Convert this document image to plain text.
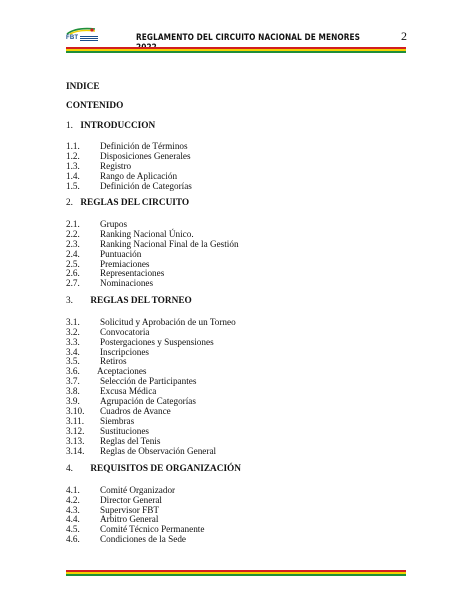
2
FBT	REGLAMENTO DEL CIRCUITO NACIONAL DE MENORES
INDICE
CONTENIDO
1. INTRODUCCION
1.1. Definición de Términos
1.2. Disposiciones Generales
1.3. Registro
1.4. Rango de Aplicación
1.5. Definición de Categorías
2. REGLAS DEL CIRCUITO
2.1. Grupos
2.2. Ranking Nacional Único.
2.3. Ranking Nacional Final de la Gestión
2.4. Puntuación
2.5. Premiaciones
2.6. Representaciones
2.7. Nominaciones
3. REGLAS DEL TORNEO
3.1. Solicitud y Aprobación de un Torneo
3.2. Convocatoria
3.3. Postergaciones y Suspensiones
3.4. Inscripciones
3.5. Retiros
3.6. Aceptaciones
3.7. Selección de Participantes
3.8. Excusa Médica
3.9. Agrupación de Categorías
3.10. Cuadros de Avance
3.11. Siembras
3.12. Sustituciones
3.13. Reglas del Tenis
3.14. Reglas de Observación General
4. REQUISITOS DE ORGANIZACIÓN
4.1. Comité Organizador
4.2. Director General
4.3. Supervisor FBT
4.4. Arbitro General
4.5. Comité Técnico Permanente
4.6. Condiciones de la Sede
